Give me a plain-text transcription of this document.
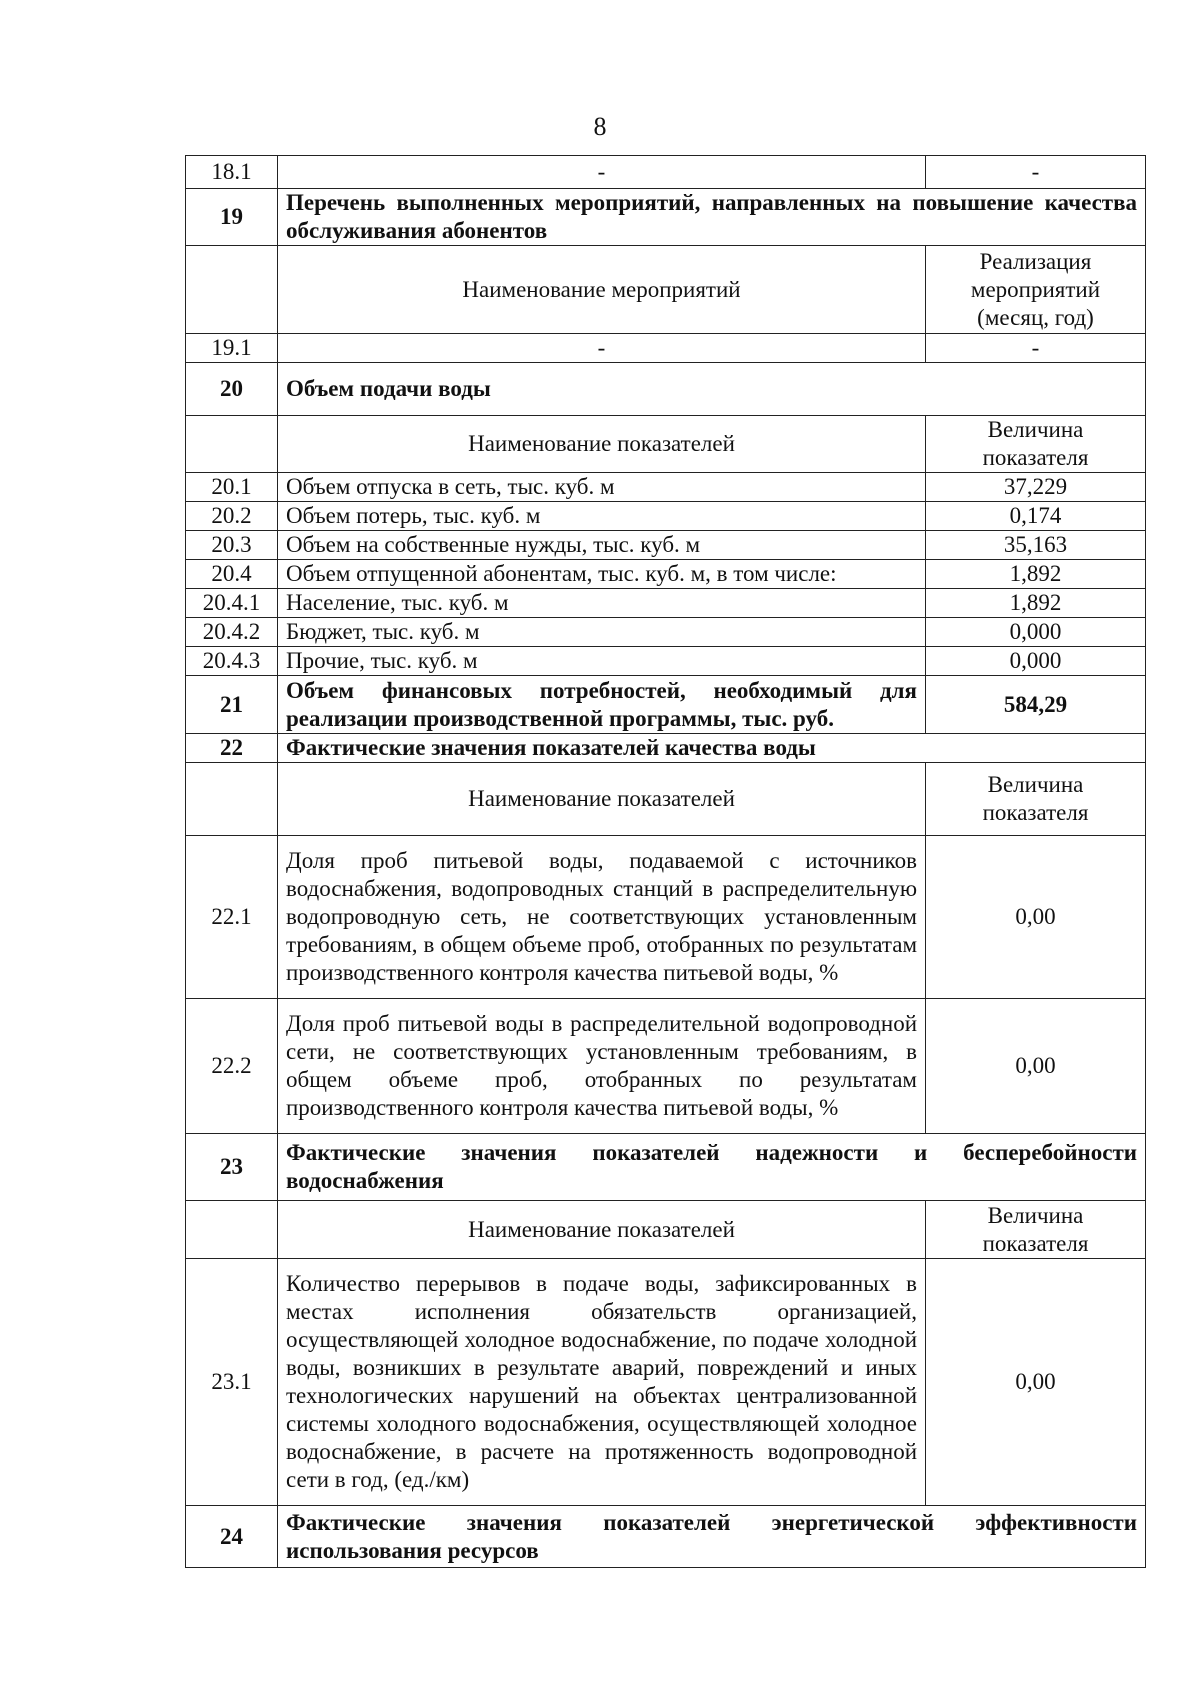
8
18.1	-	-
19	Перечень выполненных мероприятий, направленных на повышение качества обслуживания абонентов	
	Наименование мероприятий	Реализация мероприятий (месяц, год)
19.1	-	-
20	Объем подачи воды	
	Наименование показателей	Величина показателя
20.1	Объем отпуска в сеть, тыс. куб. м	37,229
20.2	Объем потерь, тыс. куб. м	0,174
20.3	Объем на собственные нужды, тыс. куб. м	35,163
20.4	Объем отпущенной абонентам, тыс. куб. м, в том числе:	1,892
20.4.1	Население, тыс. куб. м	1,892
20.4.2	Бюджет, тыс. куб. м	0,000
20.4.3	Прочие, тыс. куб. м	0,000
21	Объем финансовых потребностей, необходимый для реализации производственной программы, тыс. руб.	584,29
22	Фактические значения показателей качества воды	
	Наименование показателей	Величина показателя
22.1	Доля проб питьевой воды, подаваемой с источников водоснабжения, водопроводных станций в распределительную водопроводную сеть, не соответствующих установленным требованиям, в общем объеме проб, отобранных по результатам производственного контроля качества питьевой воды, %	0,00
22.2	Доля проб питьевой воды в распределительной водопроводной сети, не соответствующих установленным требованиям, в общем объеме проб, отобранных по результатам производственного контроля качества питьевой воды, %	0,00
23	Фактические значения показателей надежности и бесперебойности водоснабжения	
	Наименование показателей	Величина показателя
23.1	Количество перерывов в подаче воды, зафиксированных в местах исполнения обязательств организацией, осуществляющей холодное водоснабжение, по подаче холодной воды, возникших в результате аварий, повреждений и иных технологических нарушений на объектах централизованной системы холодного водоснабжения, осуществляющей холодное водоснабжение, в расчете на протяженность водопроводной сети в год, (ед./км)	0,00
24	Фактические значения показателей энергетической эффективности использования ресурсов	
